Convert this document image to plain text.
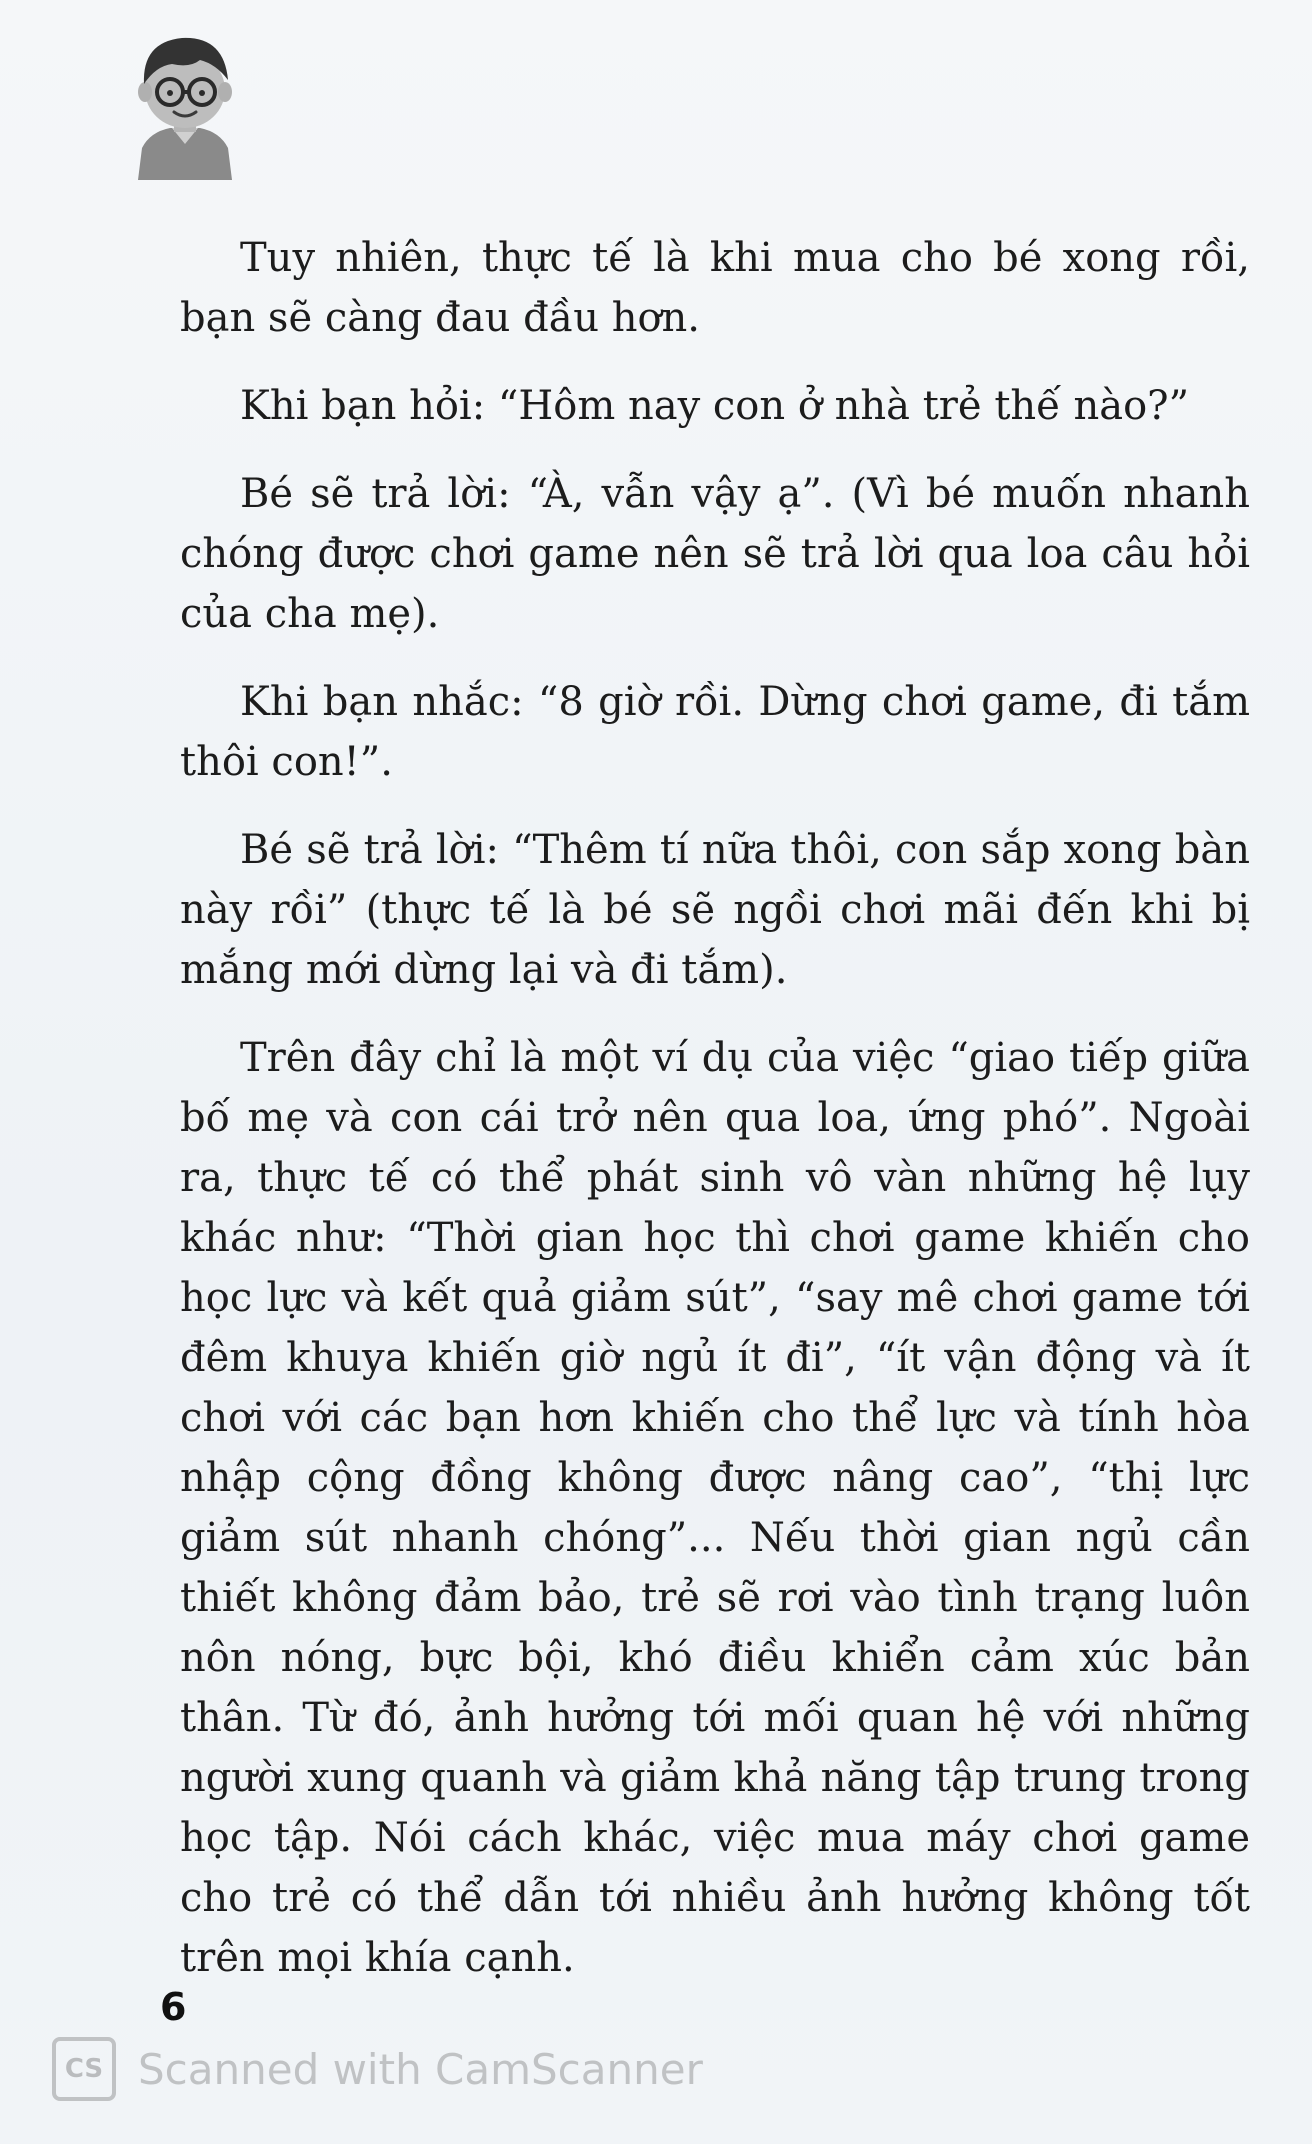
Tuy nhiên, thực tế là khi mua cho bé xong rồi, bạn sẽ càng đau đầu hơn.

Khi bạn hỏi: “Hôm nay con ở nhà trẻ thế nào?”

Bé sẽ trả lời: “À, vẫn vậy ạ”. (Vì bé muốn nhanh chóng được chơi game nên sẽ trả lời qua loa câu hỏi của cha mẹ).

Khi bạn nhắc: “8 giờ rồi. Dừng chơi game, đi tắm thôi con!”.

Bé sẽ trả lời: “Thêm tí nữa thôi, con sắp xong bàn này rồi” (thực tế là bé sẽ ngồi chơi mãi đến khi bị mắng mới dừng lại và đi tắm).

Trên đây chỉ là một ví dụ của việc “giao tiếp giữa bố mẹ và con cái trở nên qua loa, ứng phó”. Ngoài ra, thực tế có thể phát sinh vô vàn những hệ lụy khác như: “Thời gian học thì chơi game khiến cho học lực và kết quả giảm sút”, “say mê chơi game tới đêm khuya khiến giờ ngủ ít đi”, “ít vận động và ít chơi với các bạn hơn khiến cho thể lực và tính hòa nhập cộng đồng không được nâng cao”, “thị lực giảm sút nhanh chóng”... Nếu thời gian ngủ cần thiết không đảm bảo, trẻ sẽ rơi vào tình trạng luôn nôn nóng, bực bội, khó điều khiển cảm xúc bản thân. Từ đó, ảnh hưởng tới mối quan hệ với những người xung quanh và giảm khả năng tập trung trong học tập. Nói cách khác, việc mua máy chơi game cho trẻ có thể dẫn tới nhiều ảnh hưởng không tốt trên mọi khía cạnh.

6
CS Scanned with CamScanner
